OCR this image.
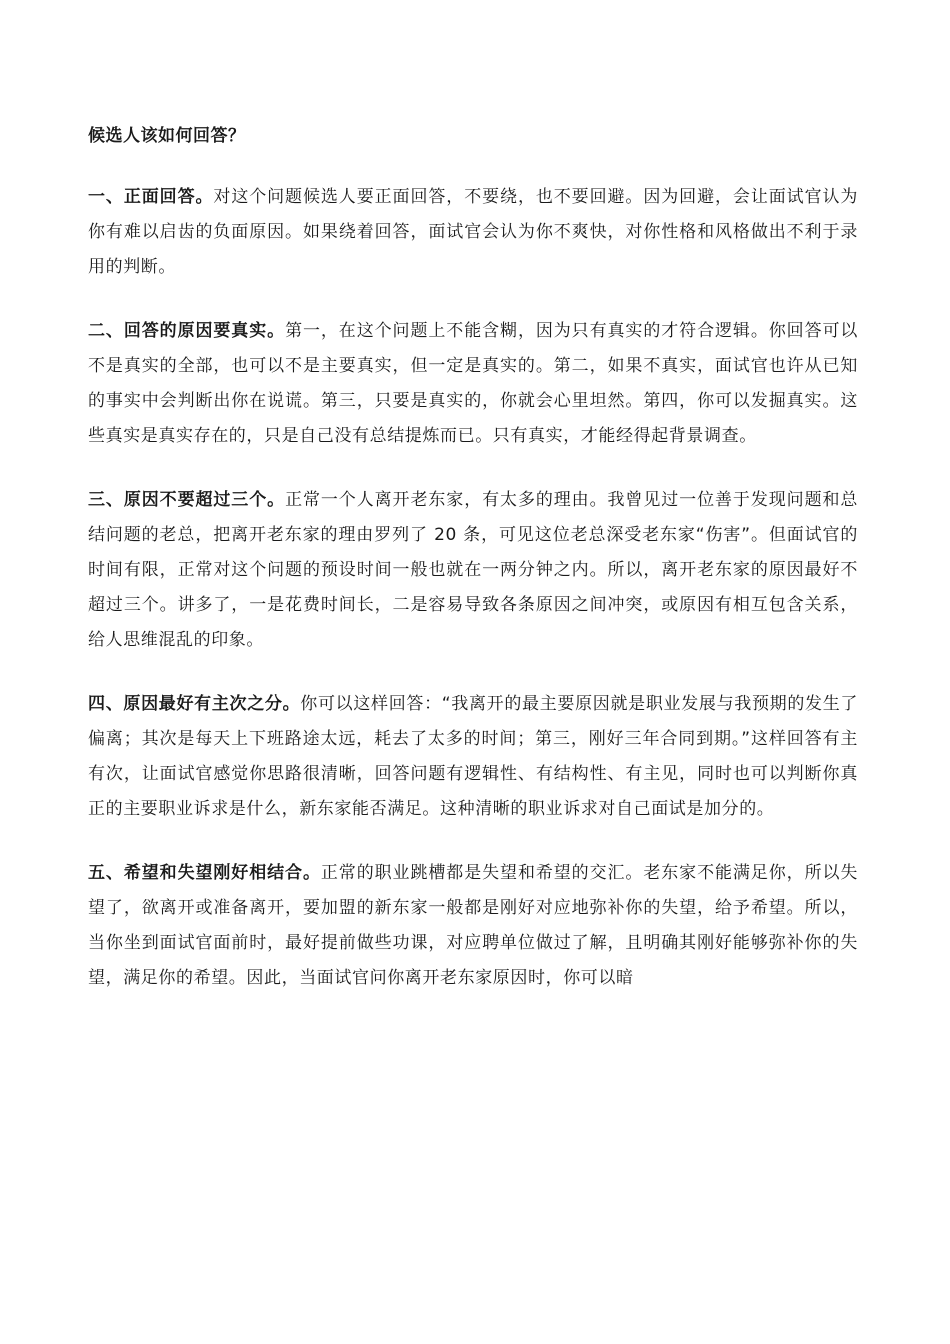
候选人该如何回答？

一、正面回答。对这个问题候选人要正面回答，不要绕，也不要回避。因为回避，会让面试官认为你有难以启齿的负面原因。如果绕着回答，面试官会认为你不爽快，对你性格和风格做出不利于录用的判断。

二、回答的原因要真实。第一，在这个问题上不能含糊，因为只有真实的才符合逻辑。你回答可以不是真实的全部，也可以不是主要真实，但一定是真实的。第二，如果不真实，面试官也许从已知的事实中会判断出你在说谎。第三，只要是真实的，你就会心里坦然。第四，你可以发掘真实。这些真实是真实存在的，只是自己没有总结提炼而已。只有真实，才能经得起背景调查。

三、原因不要超过三个。正常一个人离开老东家，有太多的理由。我曾见过一位善于发现问题和总结问题的老总，把离开老东家的理由罗列了 20 条，可见这位老总深受老东家“伤害”。但面试官的时间有限，正常对这个问题的预设时间一般也就在一两分钟之内。所以，离开老东家的原因最好不超过三个。讲多了，一是花费时间长，二是容易导致各条原因之间冲突，或原因有相互包含关系，给人思维混乱的印象。

四、原因最好有主次之分。你可以这样回答：“我离开的最主要原因就是职业发展与我预期的发生了偏离；其次是每天上下班路途太远，耗去了太多的时间；第三，刚好三年合同到期。”这样回答有主有次，让面试官感觉你思路很清晰，回答问题有逻辑性、有结构性、有主见，同时也可以判断你真正的主要职业诉求是什么，新东家能否满足。这种清晰的职业诉求对自己面试是加分的。

五、希望和失望刚好相结合。正常的职业跳槽都是失望和希望的交汇。老东家不能满足你，所以失望了，欲离开或准备离开，要加盟的新东家一般都是刚好对应地弥补你的失望，给予希望。所以，当你坐到面试官面前时，最好提前做些功课，对应聘单位做过了解，且明确其刚好能够弥补你的失望，满足你的希望。因此，当面试官问你离开老东家原因时，你可以暗
